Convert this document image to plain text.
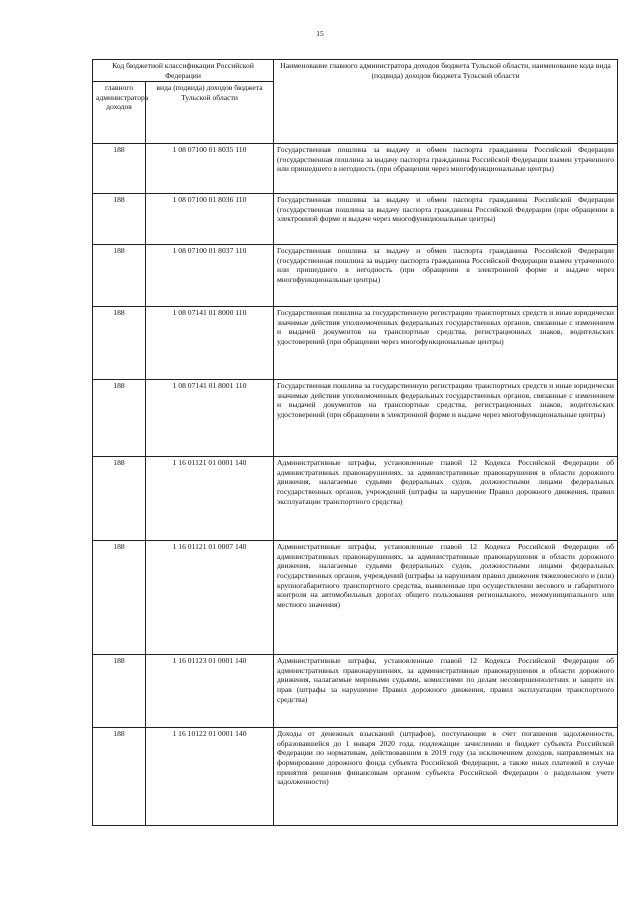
15
Код бюджетной классификации Российской Федерации		Наименование главного администратора доходов бюджета Тульской области, наименование кода вида (подвида) доходов бюджета Тульской области
главного администратора доходов	вида (подвида) доходов бюджета Тульской области	
188	1 08 07100 01 8035 110	Государственная пошлина за выдачу и обмен паспорта гражданина Российской Федерации (государственная пошлина за выдачу паспорта гражданина Российской Федерации взамен утраченного или пришедшего в негодность (при обращении через многофункциональные центры)
188	1 08 07100 01 8036 110	Государственная пошлина за выдачу и обмен паспорта гражданина Российской Федерации (государственная пошлина за выдачу паспорта гражданина Российской Федерации (при обращении в электронной форме и выдаче через многофункциональные центры)
188	1 08 07100 01 8037 110	Государственная пошлина за выдачу и обмен паспорта гражданина Российской Федерации (государственная пошлина за выдачу паспорта гражданина Российской Федерации взамен утраченного или пришедшего в негодность (при обращении в электронной форме и выдаче через многофункциональные центры)
188	1 08 07141 01 8000 110	Государственная пошлина за государственную регистрацию транспортных средств и иные юридически значимые действия уполномоченных федеральных государственных органов, связанные с изменением и выдачей документов на транспортные средства, регистрационных знаков, водительских удостоверений (при обращении через многофункциональные центры)
188	1 08 07141 01 8001 110	Государственная пошлина за государственную регистрацию транспортных средств и иные юридически значимые действия уполномоченных федеральных государственных органов, связанные с изменением и выдачей документов на транспортные средства, регистрационных знаков, водительских удостоверений (при обращении в электронной форме и выдаче через многофункциональные центры)
188	1 16 01121 01 0001 140	Административные штрафы, установленные главой 12 Кодекса Российской Федерации об административных правонарушениях, за административные правонарушения в области дорожного движения, налагаемые судьями федеральных судов, должностными лицами федеральных государственных органов, учреждений (штрафы за нарушение Правил дорожного движения, правил эксплуатации транспортного средства)
188	1 16 01121 01 0007 140	Административные штрафы, установленные главой 12 Кодекса Российской Федерации об административных правонарушениях, за административные правонарушения в области дорожного движения, налагаемые судьями федеральных судов, должностными лицами федеральных государственных органов, учреждений (штрафы за нарушения правил движения тяжеловесного и (или) крупногабаритного транспортного средства, выявленные при осуществлении весового и габаритного контроля на автомобильных дорогах общего пользования регионального, межмуниципального или местного значения)
188	1 16 01123 01 0001 140	Административные штрафы, установленные главой 12 Кодекса Российской Федерации об административных правонарушениях, за административные правонарушения в области дорожного движения, налагаемые мировыми судьями, комиссиями по делам несовершеннолетних и защите их прав (штрафы за нарушение Правил дорожного движения, правил эксплуатации транспортного средства)
188	1 16 10122 01 0001 140	Доходы от денежных взысканий (штрафов), поступающие в счет погашения задолженности, образовавшейся до 1 января 2020 года, подлежащие зачислению в бюджет субъекта Российской Федерации по нормативам, действовавшим в 2019 году (за исключением доходов, направляемых на формирование дорожного фонда субъекта Российской Федерации, а также иных платежей в случае принятия решения финансовым органом субъекта Российской Федерации о раздельном учете задолженности)
